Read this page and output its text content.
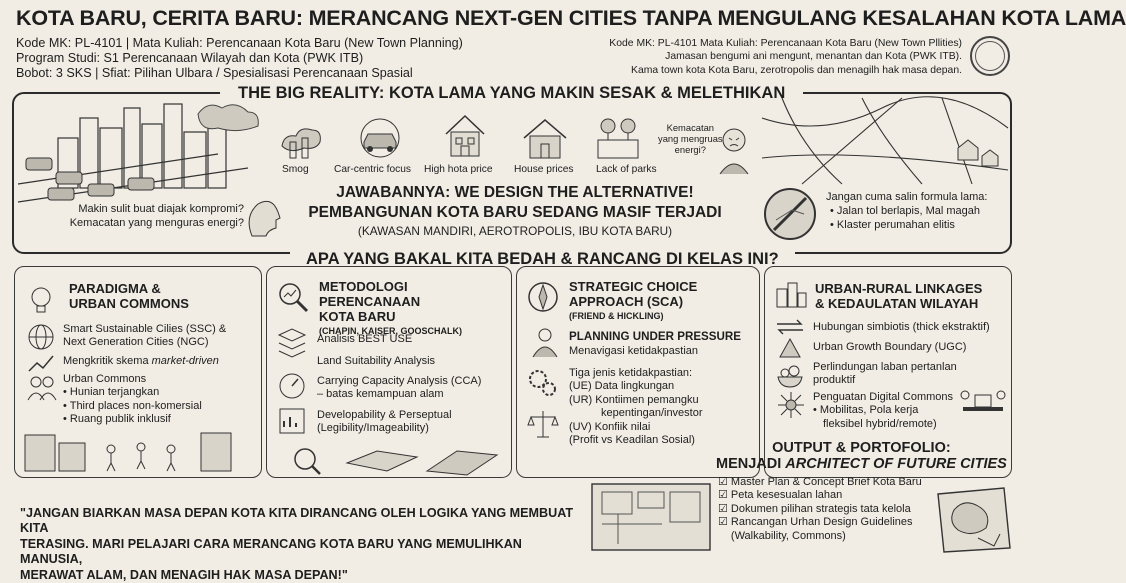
KOTA BARU, CERITA BARU: MERANCANG NEXT-GEN CITIES TANPA MENGULANG KESALAHAN KOTA LAMA
Kode MK: PL-4101 | Mata Kuliah: Perencanaan Kota Baru (New Town Planning)
Program Studi: S1 Perencanaan Wilayah dan Kota (PWK ITB)
Bobot: 3 SKS | Sfiat: Pilihan Ulbara / Spesialisasi Perencanaan Spasial
Kode MK: PL-4101 Mata Kuliah: Perencanaan Kota Baru (New Town Pllities)
Jamasan bengumi ani mengunt, menantan dan Kota (PWK ITB).
Kama town kota Kota Baru, zerotropolis dan menagilh hak masa depan.
THE BIG REALITY: KOTA LAMA YANG MAKIN SESAK & MELETHIKAN
Smog Car-centric focus High hota price House prices Lack of parks
Kemacatan
yang mengruas
energi?
Makin sulit buat diajak kompromi?
Kemacatan yang menguras energi?
JAWABANNYA: WE DESIGN THE ALTERNATIVE!
PEMBANGUNAN KOTA BARU SEDANG MASIF TERJADI
(KAWASAN MANDIRI, AEROTROPOLIS, IBU KOTA BARU)
Jangan cuma salin formula lama:
• Jalan tol berlapis, Mal magah
• Klaster perumahan elitis
APA YANG BAKAL KITA BEDAH & RANCANG DI KELAS INI?
PARADIGMA &
URBAN COMMONS
Smart Sustainable Cilies (SSC) &
Next Generation Cities (NGC)
Mengkritik skema market-driven
Urban Commons
• Hunian terjangkan
• Third places non-komersial
• Ruang publik inklusif
METODOLOGI PERENCANAAN
KOTA BARU
(CHAPIN, KAISER, GOOSCHALK)
Analisis BEST USE
Land Suitability Analysis
Carrying Capacity Analysis (CCA)
– batas kemampuan alam
Developability & Perseptual
(Legibility/Imageability)
STRATEGIC CHOICE
APPROACH (SCA)
(FRIEND & HICKLING)
PLANNING UNDER PRESSURE
Menavigasi ketidakpastian
Tiga jenis ketidakpastian:
(UE) Data lingkungan
(UR) Kontiimen pemangku
kepentingan/investor
(UV) Konfiik nilai
(Profit vs Keadilan Sosial)
URBAN-RURAL LINKAGES
& KEDAULATAN WILAYAH
Hubungan simbiotis (thick ekstraktif)
Urban Growth Boundary (UGC)
Perlindungan laban pertanlan
produktif
Penguatan Digital Commons
• Mobilitas, Pola kerja
fleksibel hybrid/remote)
"JANGAN BIARKAN MASA DEPAN KOTA KITA DIRANCANG OLEH LOGIKA YANG MEMBUAT KITA
TERASING. MARI PELAJARI CARA MERANCANG KOTA BARU YANG MEMULIHKAN MANUSIA,
MERAWAT ALAM, DAN MENAGIH HAK MASA DEPAN!"
OUTPUT & PORTOFOLIO:
MENJADI ARCHITECT OF FUTURE CITIES
☑ Master Plan & Concept Brief Kota Baru
☑ Peta kesesualan lahan
☑ Dokumen pilihan strategis tata kelola
☑ Rancangan Urhan Design Guidelines
(Walkability, Commons)
